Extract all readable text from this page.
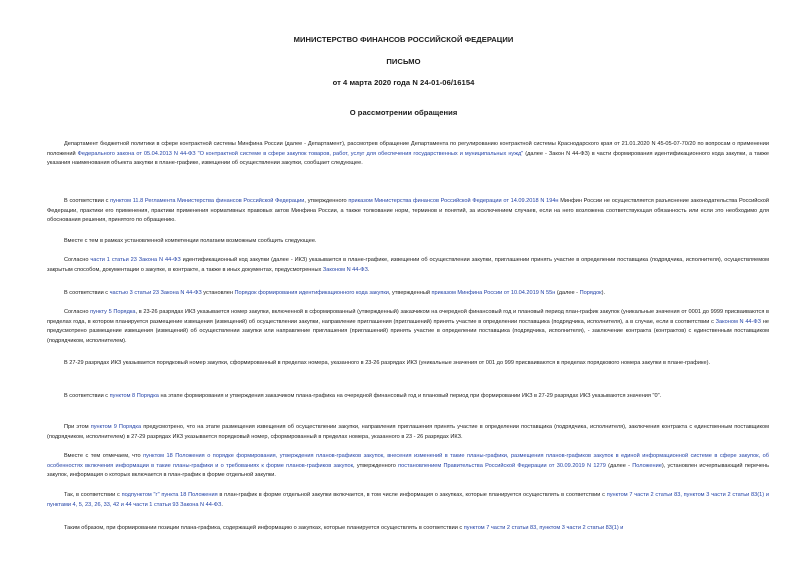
МИНИСТЕРСТВО ФИНАНСОВ РОССИЙСКОЙ ФЕДЕРАЦИИ
ПИСЬМО
от 4 марта 2020 года N 24-01-06/16154
О рассмотрении обращения

Департамент бюджетной политики в сфере контрактной системы Минфина России (далее - Департамент), рассмотрев обращение Департамента по регулированию контрактной системы Краснодарского края от 21.01.2020 N 45-05-07-70/20 по вопросам о применении положений Федерального закона от 05.04.2013 N 44-ФЗ "О контрактной системе в сфере закупок товаров, работ, услуг для обеспечения государственных и муниципальных нужд" (далее - Закон N 44-ФЗ) в части формирования идентификационного кода закупки, а также указания наименования объекта закупки в плане-графике, извещении об осуществлении закупки, сообщает следующее.

В соответствии с пунктом 11.8 Регламента Министерства финансов Российской Федерации, утвержденного приказом Министерства финансов Российской Федерации от 14.09.2018 N 194н Минфин России не осуществляется разъяснение законодательства Российской Федерации, практики его применения, практики применения нормативных правовых актов Минфина России, а также толкование норм, терминов и понятий, за исключением случаев, если на него возложена соответствующая обязанность или если это необходимо для обоснования решения, принятого по обращению.

Вместе с тем в рамках установленной компетенции полагаем возможным сообщить следующее.

Согласно части 1 статьи 23 Закона N 44-ФЗ идентификационный код закупки (далее - ИКЗ) указывается в плане-графике, извещении об осуществлении закупки, приглашении принять участие в определении поставщика (подрядчика, исполнителя), осуществляемом закрытым способом, документации о закупке, в контракте, а также в иных документах, предусмотренных Законом N 44-ФЗ.

В соответствии с частью 3 статьи 23 Закона N 44-ФЗ установлен Порядок формирования идентификационного кода закупки, утвержденный приказом Минфина России от 10.04.2019 N 55н (далее - Порядок).

Согласно пункту 5 Порядка, в 23-26 разрядах ИКЗ указывается номер закупки, включенной в сформированный (утвержденный) заказчиком на очередной финансовый год и плановый период план-график закупок (уникальные значения от 0001 до 9999 присваиваются в пределах года, в котором планируется размещение извещения (извещений) об осуществлении закупки, направление приглашения (приглашений) принять участие в определении поставщика (подрядчика, исполнителя), а в случае, если в соответствии с Законом N 44-ФЗ не предусмотрено размещение извещения (извещений) об осуществлении закупки или направление приглашения (приглашений) принять участие в определении поставщика (подрядчика, исполнителя), - заключение контракта (контрактов) с единственным поставщиком (подрядчиком, исполнителем).

В 27-29 разрядах ИКЗ указывается порядковый номер закупки, сформированный в пределах номера, указанного в 23-26 разрядах ИКЗ (уникальные значения от 001 до 999 присваиваются в пределах порядкового номера закупки в плане-графике).

В соответствии с пунктом 8 Порядка на этапе формирования и утверждения заказчиком плана-графика на очередной финансовый год и плановый период при формировании ИКЗ в 27-29 разрядах ИКЗ указываются значения "0".

При этом пунктом 9 Порядка предусмотрено, что на этапе размещения извещения об осуществлении закупки, направления приглашения принять участие в определении поставщика (подрядчика, исполнителя), заключения контракта с единственным поставщиком (подрядчиком, исполнителем) в 27-29 разрядах ИКЗ указывается порядковый номер, сформированный в пределах номера, указанного в 23 - 26 разрядах ИКЗ.

Вместе с тем отмечаем, что пунктом 18 Положения о порядке формирования, утверждения планов-графиков закупок, внесения изменений в такие планы-графики, размещения планов-графиков закупок в единой информационной системе в сфере закупок, об особенностях включения информации в такие планы-графики и о требованиях к форме планов-графиков закупок, утвержденного постановлением Правительства Российской Федерации от 30.09.2019 N 1279 (далее - Положение), установлен исчерпывающий перечень закупок, информация о которых включается в план-график в форме отдельной закупки.

Так, в соответствии с подпунктом "г" пункта 18 Положения в план-график в форме отдельной закупки включается, в том числе информация о закупках, которые планируется осуществлять в соответствии с пунктом 7 части 2 статьи 83, пунктом 3 части 2 статьи 83(1) и пунктами 4, 5, 23, 26, 33, 42 и 44 части 1 статьи 93 Закона N 44-ФЗ.

Таким образом, при формировании позиции плана-графика, содержащей информацию о закупках, которые планируется осуществлять в соответствии с пунктом 7 части 2 статьи 83, пунктом 3 части 2 статьи 83(1) и
